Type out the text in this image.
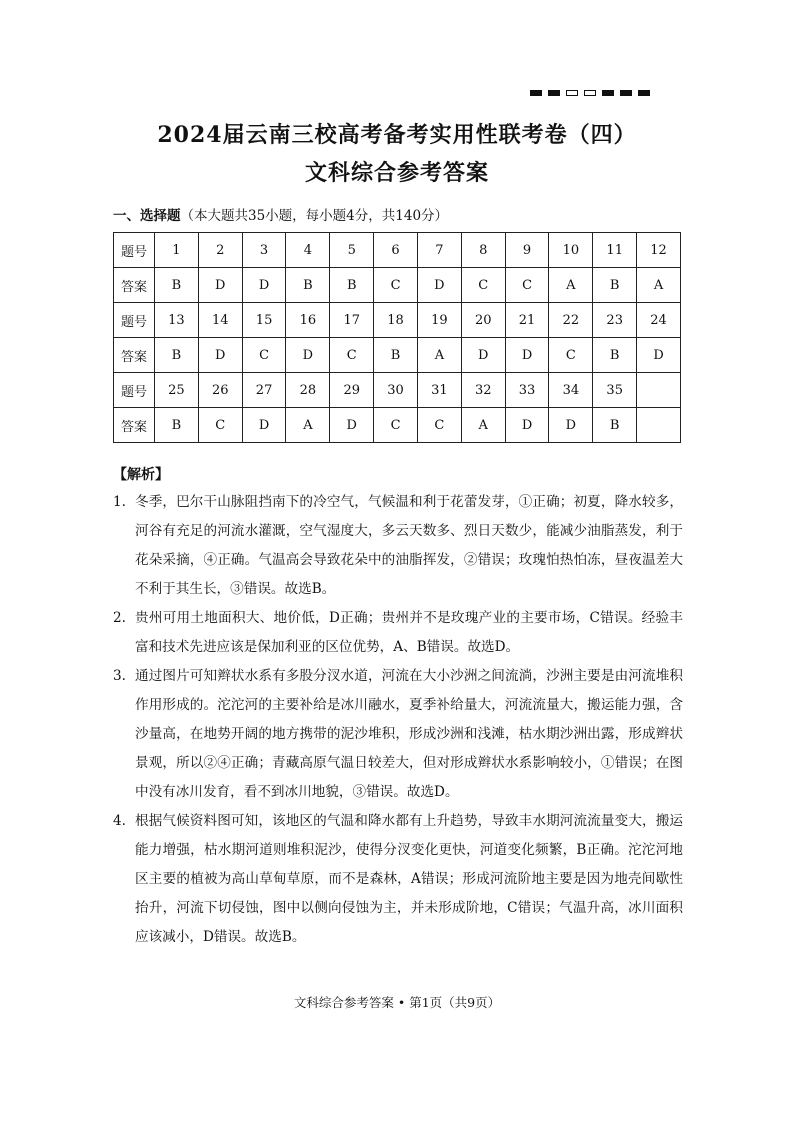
2024届云南三校高考备考实用性联考卷（四）
文科综合参考答案
一、选择题（本大题共35小题，每小题4分，共140分）
题号	1	2	3	4	5	6	7	8	9	10	11	12
答案	B	D	D	B	B	C	D	C	C	A	B	A
题号	13	14	15	16	17	18	19	20	21	22	23	24
答案	B	D	C	D	C	B	A	D	D	C	B	D
题号	25	26	27	28	29	30	31	32	33	34	35	
答案	B	C	D	A	D	C	C	A	D	D	B	
【解析】
1. 冬季，巴尔干山脉阻挡南下的冷空气，气候温和利于花蕾发芽，①正确；初夏，降水较多，河谷有充足的河流水灌溉，空气湿度大，多云天数多、烈日天数少，能减少油脂蒸发，利于花朵采摘，④正确。气温高会导致花朵中的油脂挥发，②错误；玫瑰怕热怕冻，昼夜温差大不利于其生长，③错误。故选B。
2. 贵州可用土地面积大、地价低，D正确；贵州并不是玫瑰产业的主要市场，C错误。经验丰富和技术先进应该是保加利亚的区位优势，A、B错误。故选D。
3. 通过图片可知辫状水系有多股分汊水道，河流在大小沙洲之间流淌，沙洲主要是由河流堆积作用形成的。沱沱河的主要补给是冰川融水，夏季补给量大，河流流量大，搬运能力强，含沙量高，在地势开阔的地方携带的泥沙堆积，形成沙洲和浅滩，枯水期沙洲出露，形成辫状景观，所以②④正确；青藏高原气温日较差大，但对形成辫状水系影响较小，①错误；在图中没有冰川发育，看不到冰川地貌，③错误。故选D。
4. 根据气候资料图可知，该地区的气温和降水都有上升趋势，导致丰水期河流流量变大，搬运能力增强，枯水期河道则堆积泥沙，使得分汊变化更快，河道变化频繁，B正确。沱沱河地区主要的植被为高山草甸草原，而不是森林，A错误；形成河流阶地主要是因为地壳间歇性抬升，河流下切侵蚀，图中以侧向侵蚀为主，并未形成阶地，C错误；气温升高，冰川面积应该减小，D错误。故选B。
文科综合参考答案 • 第1页（共9页）
